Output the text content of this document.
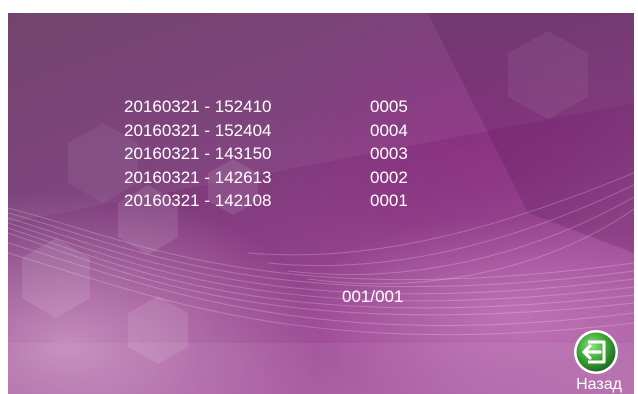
20160321 - 152410	0005
20160321 - 152404	0004
20160321 - 143150	0003
20160321 - 142613	0002
20160321 - 142108	0001
001/001
Назад
